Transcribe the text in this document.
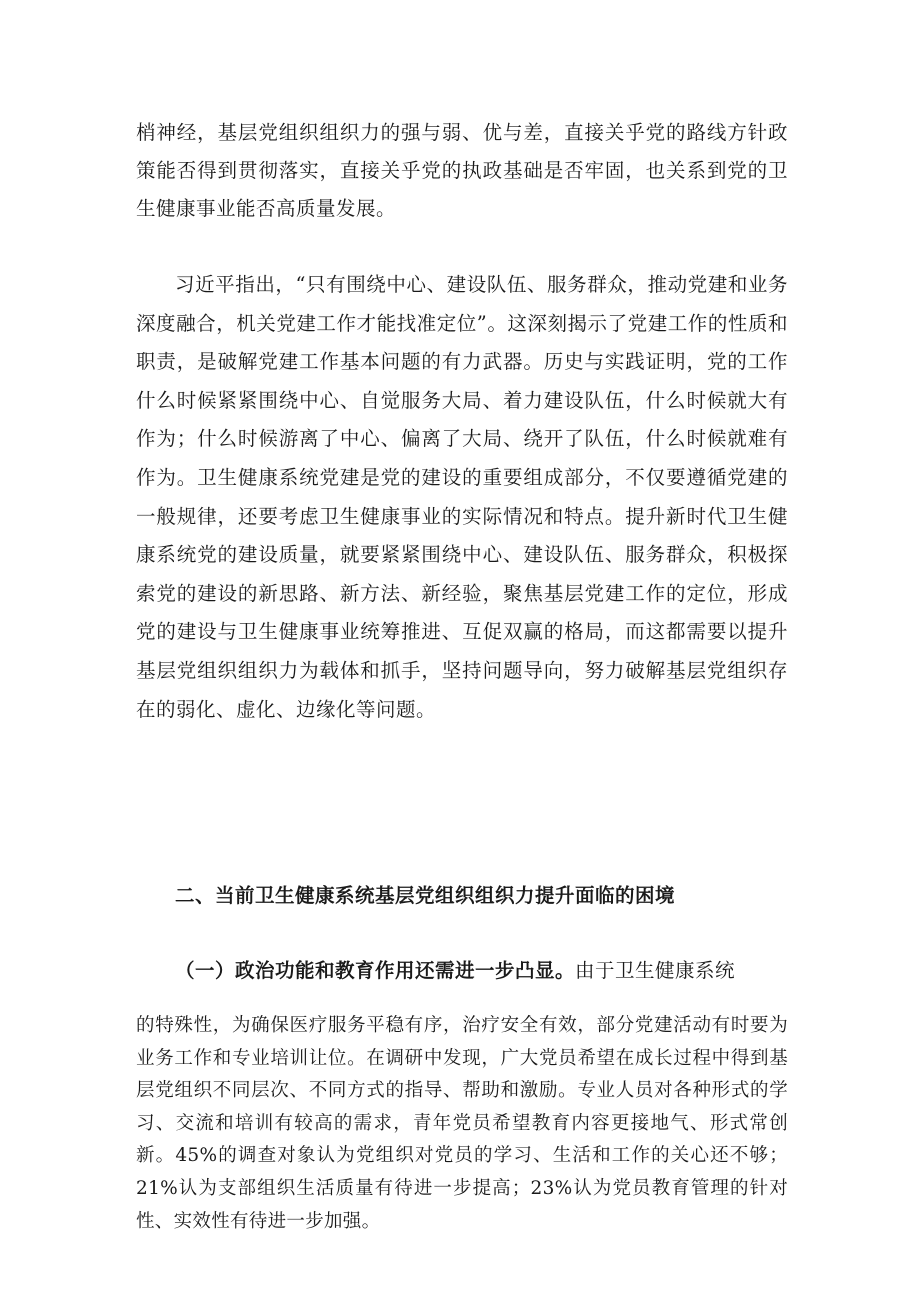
梢神经，基层党组织组织力的强与弱、优与差，直接关乎党的路线方针政策能否得到贯彻落实，直接关乎党的执政基础是否牢固，也关系到党的卫生健康事业能否高质量发展。

习近平指出，“只有围绕中心、建设队伍、服务群众，推动党建和业务深度融合，机关党建工作才能找准定位”。这深刻揭示了党建工作的性质和职责，是破解党建工作基本问题的有力武器。历史与实践证明，党的工作什么时候紧紧围绕中心、自觉服务大局、着力建设队伍，什么时候就大有作为；什么时候游离了中心、偏离了大局、绕开了队伍，什么时候就难有作为。卫生健康系统党建是党的建设的重要组成部分，不仅要遵循党建的一般规律，还要考虑卫生健康事业的实际情况和特点。提升新时代卫生健康系统党的建设质量，就要紧紧围绕中心、建设队伍、服务群众，积极探索党的建设的新思路、新方法、新经验，聚焦基层党建工作的定位，形成党的建设与卫生健康事业统筹推进、互促双赢的格局，而这都需要以提升基层党组织组织力为载体和抓手，坚持问题导向，努力破解基层党组织存在的弱化、虚化、边缘化等问题。

二、当前卫生健康系统基层党组织组织力提升面临的困境

（一）政治功能和教育作用还需进一步凸显。由于卫生健康系统

的特殊性，为确保医疗服务平稳有序，治疗安全有效，部分党建活动有时要为业务工作和专业培训让位。在调研中发现，广大党员希望在成长过程中得到基层党组织不同层次、不同方式的指导、帮助和激励。专业人员对各种形式的学习、交流和培训有较高的需求，青年党员希望教育内容更接地气、形式常创新。45%的调查对象认为党组织对党员的学习、生活和工作的关心还不够；21%认为支部组织生活质量有待进一步提高；23%认为党员教育管理的针对性、实效性有待进一步加强。
